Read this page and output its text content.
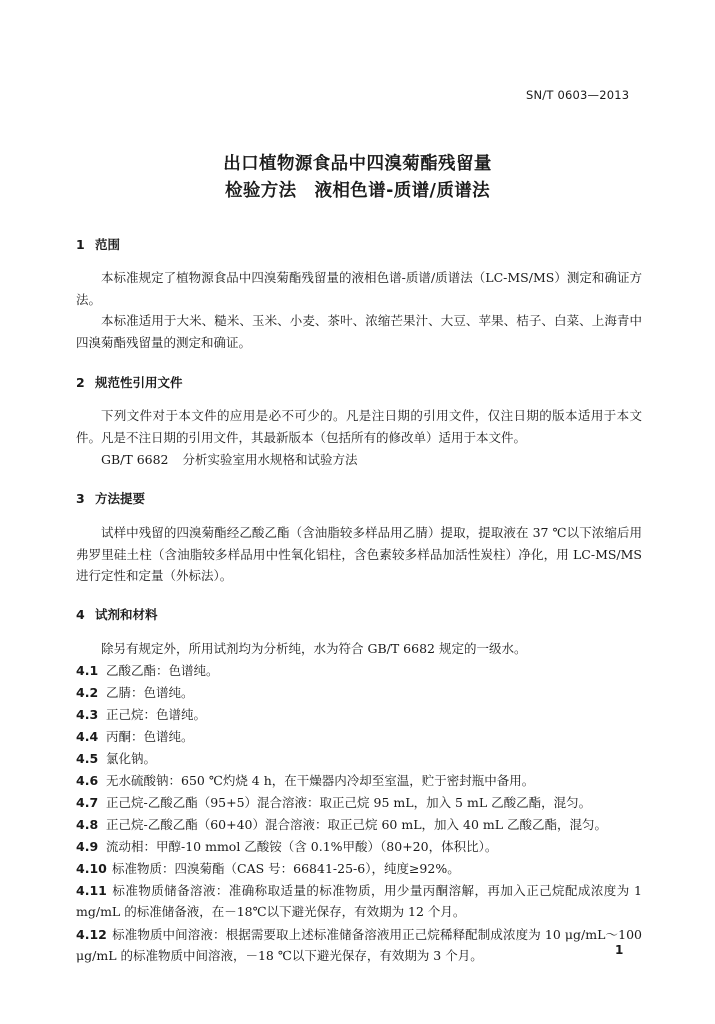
SN/T 0603—2013
出口植物源食品中四溴菊酯残留量
检验方法　液相色谱-质谱/质谱法
1 范围
本标准规定了植物源食品中四溴菊酯残留量的液相色谱-质谱/质谱法（LC-MS/MS）测定和确证方法。
本标准适用于大米、糙米、玉米、小麦、茶叶、浓缩芒果汁、大豆、苹果、桔子、白菜、上海青中四溴菊酯残留量的测定和确证。
2 规范性引用文件
下列文件对于本文件的应用是必不可少的。凡是注日期的引用文件，仅注日期的版本适用于本文件。凡是不注日期的引用文件，其最新版本（包括所有的修改单）适用于本文件。
GB/T 6682 分析实验室用水规格和试验方法
3 方法提要
试样中残留的四溴菊酯经乙酸乙酯（含油脂较多样品用乙腈）提取，提取液在 37 ℃以下浓缩后用弗罗里硅土柱（含油脂较多样品用中性氧化铝柱，含色素较多样品加活性炭柱）净化，用 LC-MS/MS 进行定性和定量（外标法）。
4 试剂和材料
除另有规定外，所用试剂均为分析纯，水为符合 GB/T 6682 规定的一级水。
4.1 乙酸乙酯：色谱纯。
4.2 乙腈：色谱纯。
4.3 正己烷：色谱纯。
4.4 丙酮：色谱纯。
4.5 氯化钠。
4.6 无水硫酸钠：650 ℃灼烧 4 h，在干燥器内冷却至室温，贮于密封瓶中备用。
4.7 正己烷-乙酸乙酯（95+5）混合溶液：取正己烷 95 mL，加入 5 mL 乙酸乙酯，混匀。
4.8 正己烷-乙酸乙酯（60+40）混合溶液：取正己烷 60 mL，加入 40 mL 乙酸乙酯，混匀。
4.9 流动相：甲醇-10 mmol 乙酸铵（含 0.1%甲酸）（80+20，体积比）。
4.10 标准物质：四溴菊酯（CAS 号：66841-25-6），纯度≥92%。
4.11 标准物质储备溶液：准确称取适量的标准物质，用少量丙酮溶解，再加入正己烷配成浓度为 1 mg/mL 的标准储备液，在－18℃以下避光保存，有效期为 12 个月。
4.12 标准物质中间溶液：根据需要取上述标准储备溶液用正己烷稀释配制成浓度为 10 μg/mL～100 μg/mL 的标准物质中间溶液，－18 ℃以下避光保存，有效期为 3 个月。	1
